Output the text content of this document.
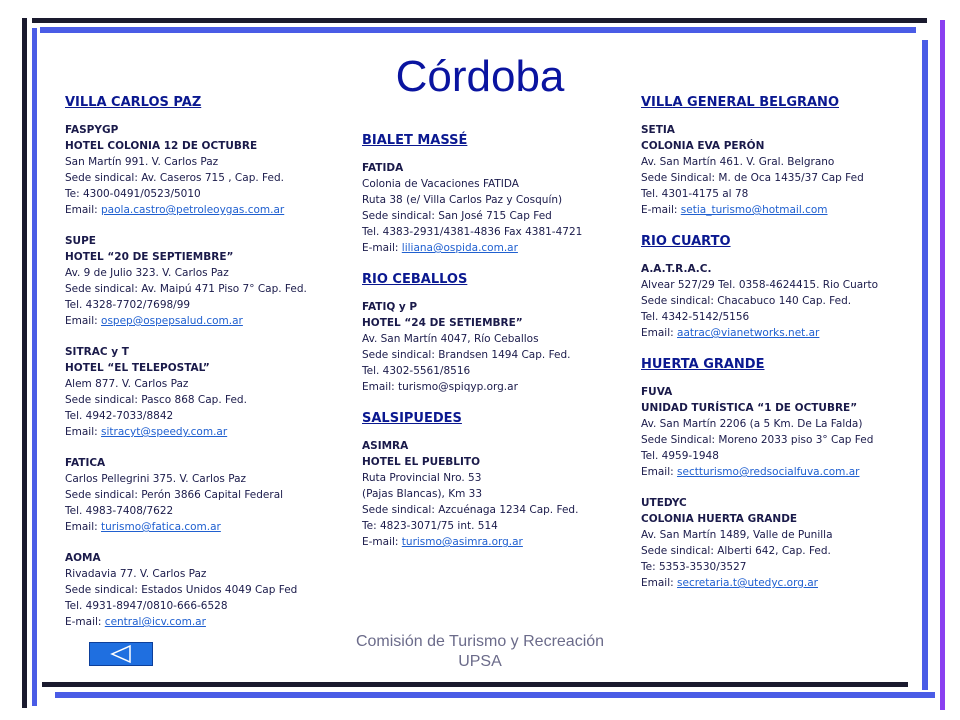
Córdoba
VILLA CARLOS PAZ
FASPYGP
HOTEL COLONIA 12 DE OCTUBRE
San Martín 991. V. Carlos Paz
Sede sindical: Av. Caseros 715 , Cap. Fed.
Te: 4300-0491/0523/5010
Email: paola.castro@petroleoygas.com.ar
SUPE
HOTEL “20 DE SEPTIEMBRE”
Av. 9 de Julio 323. V. Carlos Paz
Sede sindical: Av. Maipú 471 Piso 7° Cap. Fed.
Tel. 4328-7702/7698/99
Email: ospep@ospepsalud.com.ar
SITRAC y T
HOTEL “EL TELEPOSTAL”
Alem 877. V. Carlos Paz
Sede sindical: Pasco 868 Cap. Fed.
Tel. 4942-7033/8842
Email: sitracyt@speedy.com.ar
FATICA
Carlos Pellegrini 375. V. Carlos Paz
Sede sindical: Perón 3866 Capital Federal
Tel. 4983-7408/7622
Email: turismo@fatica.com.ar
AOMA
Rivadavia 77. V. Carlos Paz
Sede sindical: Estados Unidos 4049 Cap Fed
Tel. 4931-8947/0810-666-6528
E-mail: central@icv.com.ar
BIALET MASSÉ
FATIDA
Colonia de Vacaciones FATIDA
Ruta 38 (e/ Villa Carlos Paz y Cosquín)
Sede sindical: San José 715 Cap Fed
Tel. 4383-2931/4381-4836 Fax 4381-4721
E-mail: liliana@ospida.com.ar
RIO CEBALLOS
FATIQ y P
HOTEL “24 DE SETIEMBRE”
Av. San Martín 4047, Río Ceballos
Sede sindical: Brandsen 1494 Cap. Fed.
Tel. 4302-5561/8516
Email: turismo@spiqyp.org.ar
SALSIPUEDES
ASIMRA
HOTEL EL PUEBLITO
Ruta Provincial Nro. 53
(Pajas Blancas), Km 33
Sede sindical: Azcuénaga 1234 Cap. Fed.
Te: 4823-3071/75 int. 514
E-mail: turismo@asimra.org.ar
VILLA GENERAL BELGRANO
SETIA
COLONIA EVA PERÓN
Av. San Martín 461. V. Gral. Belgrano
Sede Sindical: M. de Oca 1435/37 Cap Fed
Tel. 4301-4175 al 78
E-mail: setia_turismo@hotmail.com
RIO CUARTO
A.A.T.R.A.C.
Alvear 527/29 Tel. 0358-4624415. Rio Cuarto
Sede sindical: Chacabuco 140 Cap. Fed.
Tel. 4342-5142/5156
Email: aatrac@vianetworks.net.ar
HUERTA GRANDE
FUVA
UNIDAD TURÍSTICA “1 DE OCTUBRE”
Av. San Martín 2206 (a 5 Km. De La Falda)
Sede Sindical: Moreno 2033 piso 3° Cap Fed
Tel. 4959-1948
Email: sectturismo@redsocialfuva.com.ar
UTEDYC
COLONIA HUERTA GRANDE
Av. San Martín 1489, Valle de Punilla
Sede sindical: Alberti 642, Cap. Fed.
Te: 5353-3530/3527
Email: secretaria.t@utedyc.org.ar
Comisión de Turismo y Recreación
UPSA
